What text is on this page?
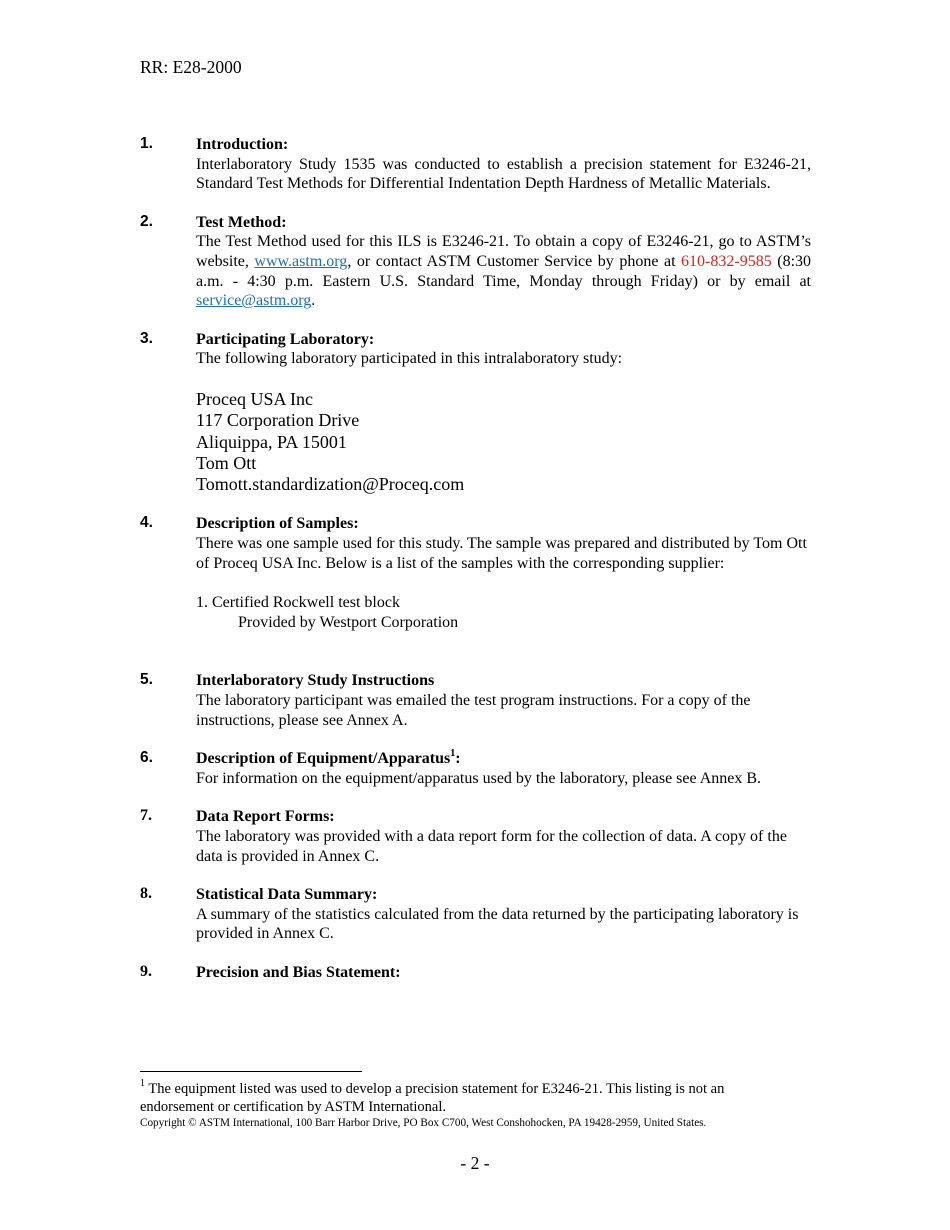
RR: E28-2000
1.	Introduction:
Interlaboratory Study 1535 was conducted to establish a precision statement for E3246-21, Standard Test Methods for Differential Indentation Depth Hardness of Metallic Materials.
2.	Test Method:
The Test Method used for this ILS is E3246-21. To obtain a copy of E3246-21, go to ASTM’s website, www.astm.org, or contact ASTM Customer Service by phone at 610-832-9585 (8:30 a.m. - 4:30 p.m. Eastern U.S. Standard Time, Monday through Friday) or by email at service@astm.org.
3.	Participating Laboratory:
The following laboratory participated in this intralaboratory study:
Proceq USA Inc
117 Corporation Drive
Aliquippa, PA 15001
Tom Ott
Tomott.standardization@Proceq.com
4.	Description of Samples:
There was one sample used for this study. The sample was prepared and distributed by Tom Ott of Proceq USA Inc. Below is a list of the samples with the corresponding supplier:
1. Certified Rockwell test block
Provided by Westport Corporation
5.	Interlaboratory Study Instructions
The laboratory participant was emailed the test program instructions. For a copy of the instructions, please see Annex A.
6.	Description of Equipment/Apparatus$^1$:
For information on the equipment/apparatus used by the laboratory, please see Annex B.
7.	Data Report Forms:
The laboratory was provided with a data report form for the collection of data. A copy of the data is provided in Annex C.
8.	Statistical Data Summary:
A summary of the statistics calculated from the data returned by the participating laboratory is provided in Annex C.
9.	Precision and Bias Statement:
$^1$ The equipment listed was used to develop a precision statement for E3246-21. This listing is not an endorsement or certification by ASTM International.
Copyright © ASTM International, 100 Barr Harbor Drive, PO Box C700, West Conshohocken, PA 19428-2959, United States.
- 2 -
